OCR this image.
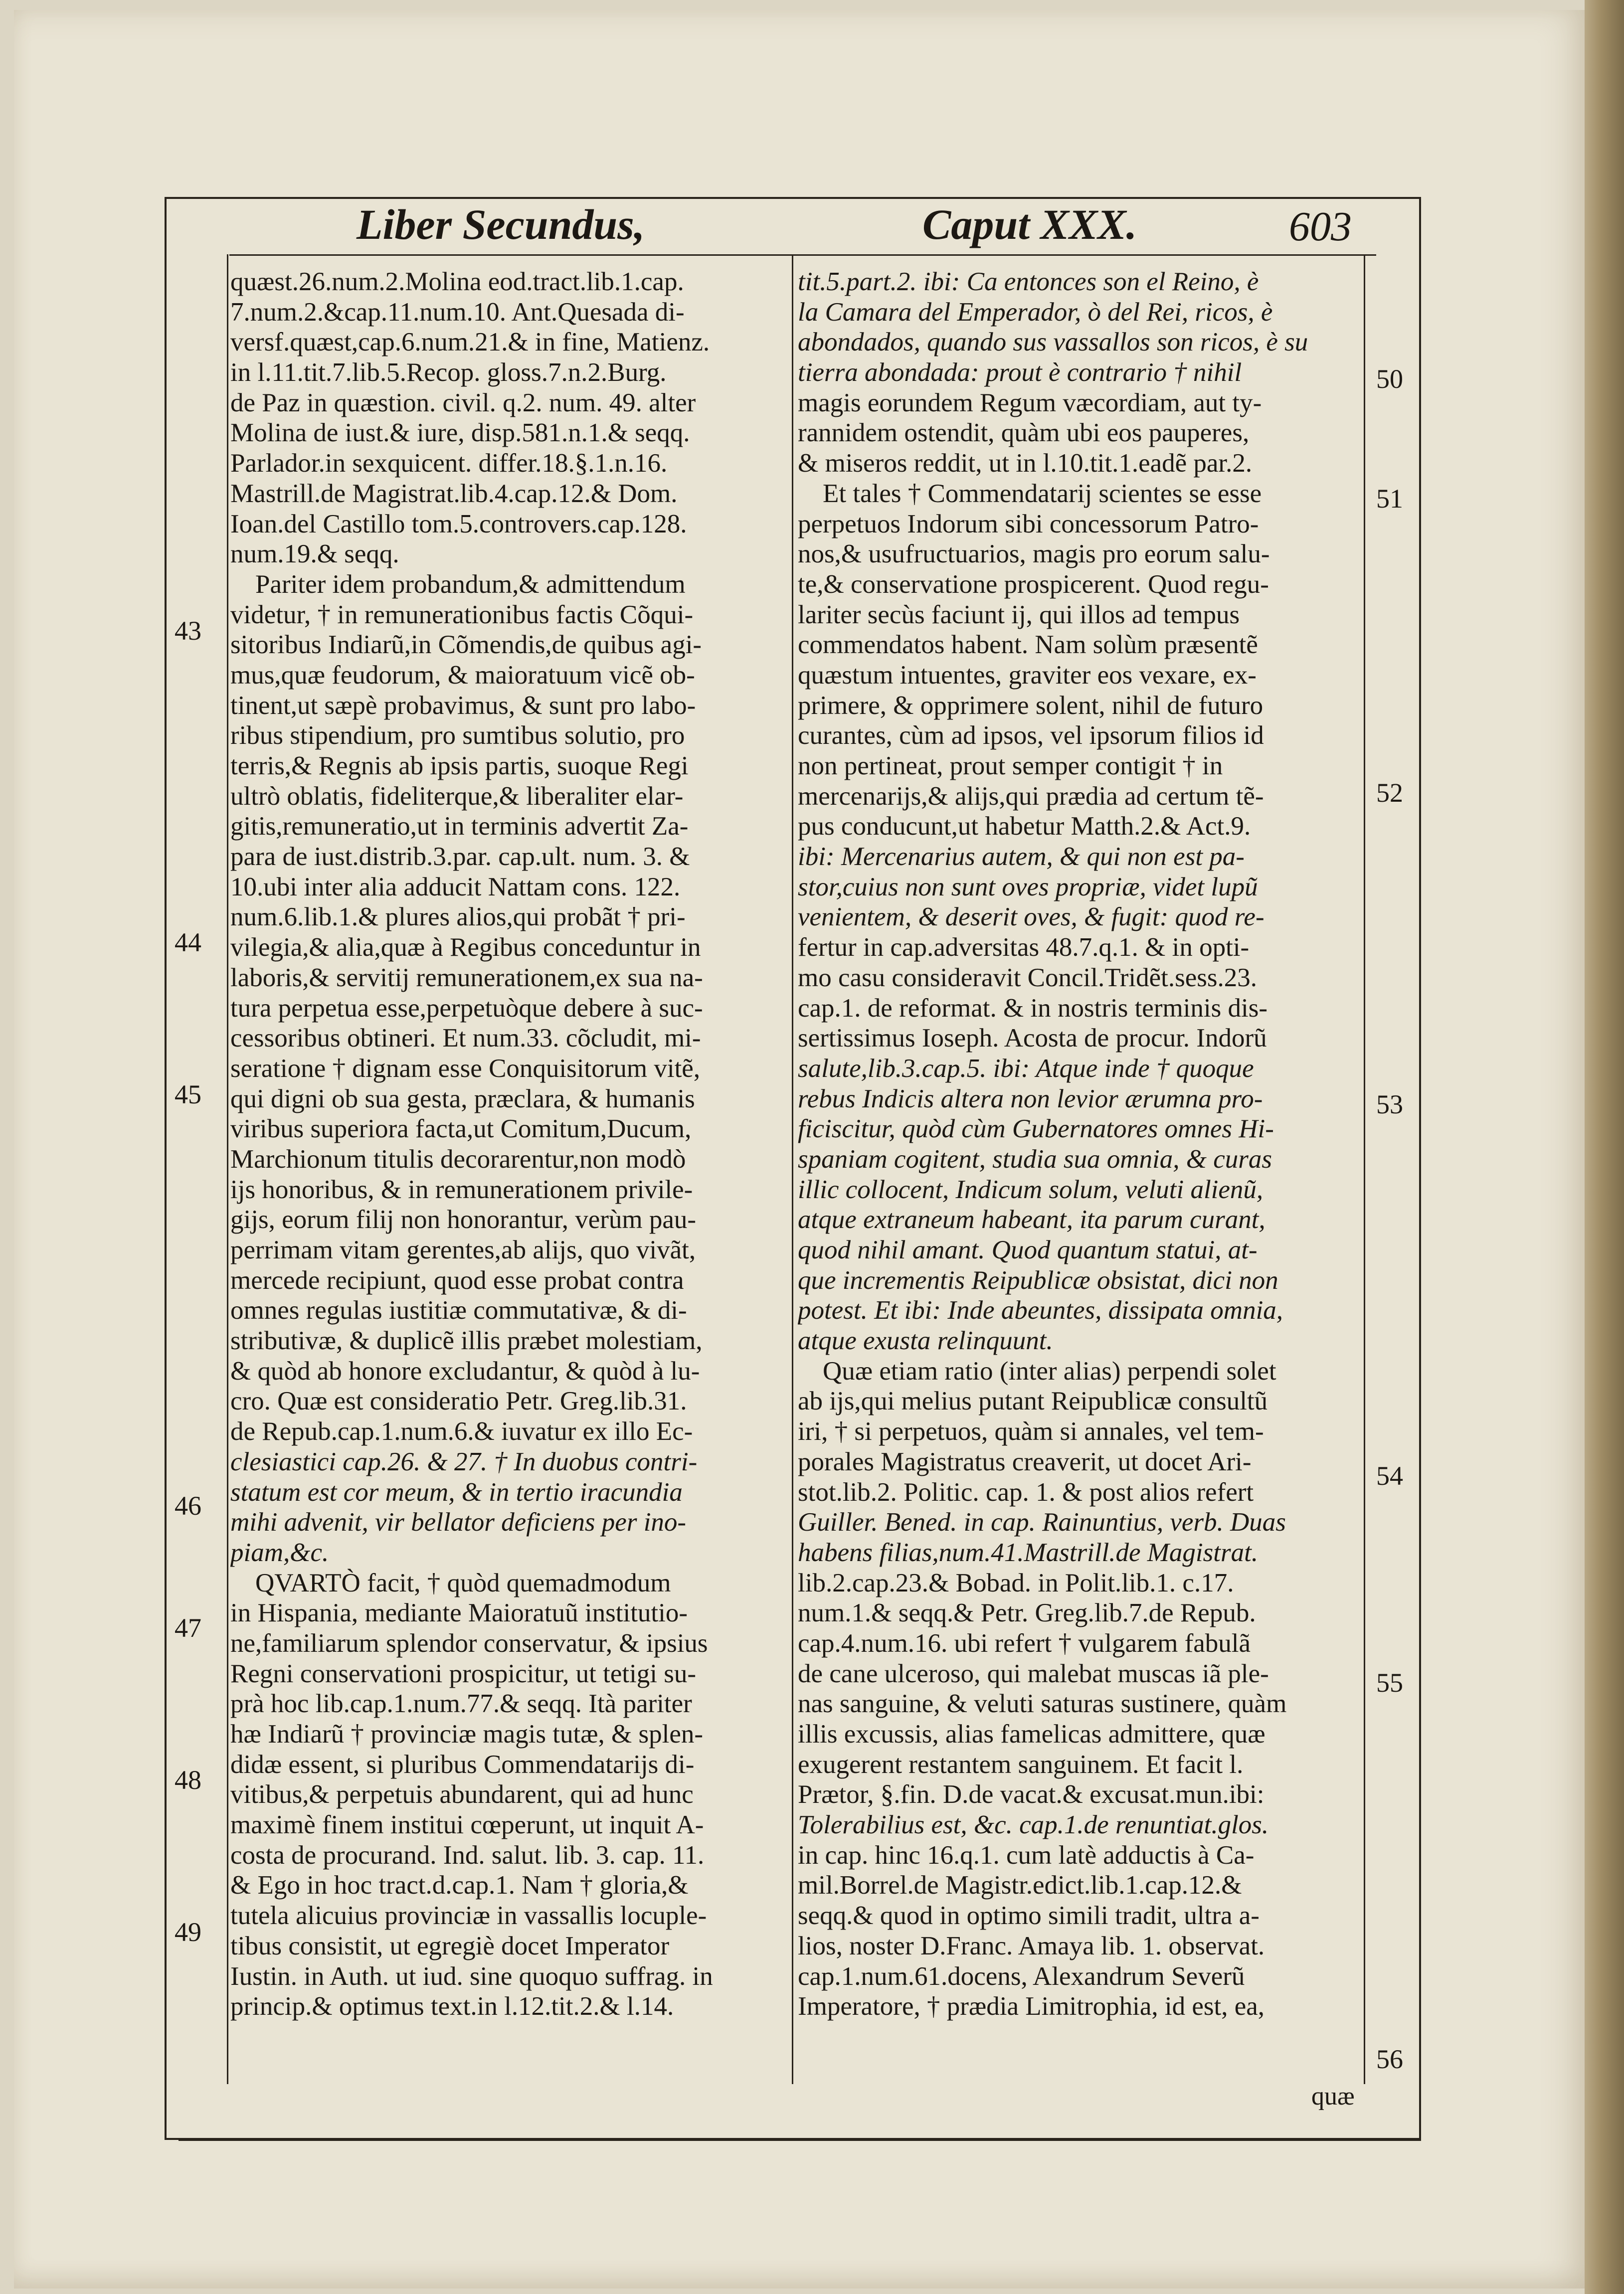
Liber Secundus,	Caput XXX.	603
quæst.26.num.2.Molina eod.tract.lib.1.cap.
7.num.2.&cap.11.num.10. Ant.Quesada di-
versf.quæst,cap.6.num.21.& in fine, Matienz.
in l.11.tit.7.lib.5.Recop. gloss.7.n.2.Burg.
de Paz in quæstion. civil. q.2. num. 49. alter
Molina de iust.& iure, disp.581.n.1.& seqq.
Parlador.in sexquicent. differ.18.§.1.n.16.
Mastrill.de Magistrat.lib.4.cap.12.& Dom.
Ioan.del Castillo tom.5.controvers.cap.128.
num.19.& seqq.
Pariter idem probandum,& admittendum
videtur, † in remunerationibus factis Cõqui-
sitoribus Indiarũ,in Cõmendis,de quibus agi-
mus,quæ feudorum, & maioratuum vicẽ ob-
tinent,ut sæpè probavimus, & sunt pro labo-
ribus stipendium, pro sumtibus solutio, pro
terris,& Regnis ab ipsis partis, suoque Regi
ultrò oblatis, fideliterque,& liberaliter elar-
gitis,remuneratio,ut in terminis advertit Za-
para de iust.distrib.3.par. cap.ult. num. 3. &
10.ubi inter alia adducit Nattam cons. 122.
num.6.lib.1.& plures alios,qui probãt † pri-
vilegia,& alia,quæ à Regibus conceduntur in
laboris,& servitij remunerationem,ex sua na-
tura perpetua esse,perpetuòque debere à suc-
cessoribus obtineri. Et num.33. cõcludit, mi-
seratione † dignam esse Conquisitorum vitẽ,
qui digni ob sua gesta, præclara, & humanis
viribus superiora facta,ut Comitum,Ducum,
Marchionum titulis decorarentur,non modò
ijs honoribus, & in remunerationem privile-
gijs, eorum filij non honorantur, verùm pau-
perrimam vitam gerentes,ab alijs, quo vivãt,
mercede recipiunt, quod esse probat contra
omnes regulas iustitiæ commutativæ, & di-
stributivæ, & duplicẽ illis præbet molestiam,
& quòd ab honore excludantur, & quòd à lu-
cro. Quæ est consideratio Petr. Greg.lib.31.
de Repub.cap.1.num.6.& iuvatur ex illo Ec-
clesiastici cap.26. & 27. † In duobus contri-
statum est cor meum, & in tertio iracundia
mihi advenit, vir bellator deficiens per ino-
piam,&c.
QVARTÒ facit, † quòd quemadmodum
in Hispania, mediante Maioratuũ institutio-
ne,familiarum splendor conservatur, & ipsius
Regni conservationi prospicitur, ut tetigi su-
prà hoc lib.cap.1.num.77.& seqq. Ità pariter
hæ Indiarũ † provinciæ magis tutæ, & splen-
didæ essent, si pluribus Commendatarijs di-
vitibus,& perpetuis abundarent, qui ad hunc
maximè finem institui cœperunt, ut inquit A-
costa de procurand. Ind. salut. lib. 3. cap. 11.
& Ego in hoc tract.d.cap.1. Nam † gloria,&
tutela alicuius provinciæ in vassallis locuple-
tibus consistit, ut egregiè docet Imperator
Iustin. in Auth. ut iud. sine quoquo suffrag. in
princip.& optimus text.in l.12.tit.2.& l.14.
tit.5.part.2. ibi: Ca entonces son el Reino, è
la Camara del Emperador, ò del Rei, ricos, è
abondados, quando sus vassallos son ricos, è su
tierra abondada: prout è contrario † nihil
magis eorundem Regum væcordiam, aut ty-
rannidem ostendit, quàm ubi eos pauperes,
& miseros reddit, ut in l.10.tit.1.eadẽ par.2.
Et tales † Commendatarij scientes se esse
perpetuos Indorum sibi concessorum Patro-
nos,& usufructuarios, magis pro eorum salu-
te,& conservatione prospicerent. Quod regu-
lariter secùs faciunt ij, qui illos ad tempus
commendatos habent. Nam solùm præsentẽ
quæstum intuentes, graviter eos vexare, ex-
primere, & opprimere solent, nihil de futuro
curantes, cùm ad ipsos, vel ipsorum filios id
non pertineat, prout semper contigit † in
mercenarijs,& alijs,qui prædia ad certum tẽ-
pus conducunt,ut habetur Matth.2.& Act.9.
ibi: Mercenarius autem, & qui non est pa-
stor,cuius non sunt oves propriæ, videt lupũ
venientem, & deserit oves, & fugit: quod re-
fertur in cap.adversitas 48.7.q.1. & in opti-
mo casu consideravit Concil.Tridẽt.sess.23.
cap.1. de reformat. & in nostris terminis dis-
sertissimus Ioseph. Acosta de procur. Indorũ
salute,lib.3.cap.5. ibi: Atque inde † quoque
rebus Indicis altera non levior ærumna pro-
ficiscitur, quòd cùm Gubernatores omnes Hi-
spaniam cogitent, studia sua omnia, & curas
illic collocent, Indicum solum, veluti alienũ,
atque extraneum habeant, ita parum curant,
quod nihil amant. Quod quantum statui, at-
que incrementis Reipublicæ obsistat, dici non
potest. Et ibi: Inde abeuntes, dissipata omnia,
atque exusta relinquunt.
Quæ etiam ratio (inter alias) perpendi solet
ab ijs,qui melius putant Reipublicæ consultũ
iri, † si perpetuos, quàm si annales, vel tem-
porales Magistratus creaverit, ut docet Ari-
stot.lib.2. Politic. cap. 1. & post alios refert
Guiller. Bened. in cap. Rainuntius, verb. Duas
habens filias,num.41.Mastrill.de Magistrat.
lib.2.cap.23.& Bobad. in Polit.lib.1. c.17.
num.1.& seqq.& Petr. Greg.lib.7.de Repub.
cap.4.num.16. ubi refert † vulgarem fabulã
de cane ulceroso, qui malebat muscas iã ple-
nas sanguine, & veluti saturas sustinere, quàm
illis excussis, alias famelicas admittere, quæ
exugerent restantem sanguinem. Et facit l.
Prætor, §.fin. D.de vacat.& excusat.mun.ibi:
Tolerabilius est, &c. cap.1.de renuntiat.glos.
in cap. hinc 16.q.1. cum latè adductis à Ca-
mil.Borrel.de Magistr.edict.lib.1.cap.12.&
seqq.& quod in optimo simili tradit, ultra a-
lios, noster D.Franc. Amaya lib. 1. observat.
cap.1.num.61.docens, Alexandrum Severũ
Imperatore, † prædia Limitrophia, id est, ea,
43
44
45
46
47
48
49
50
51
52
53
54
55
56
quæ
